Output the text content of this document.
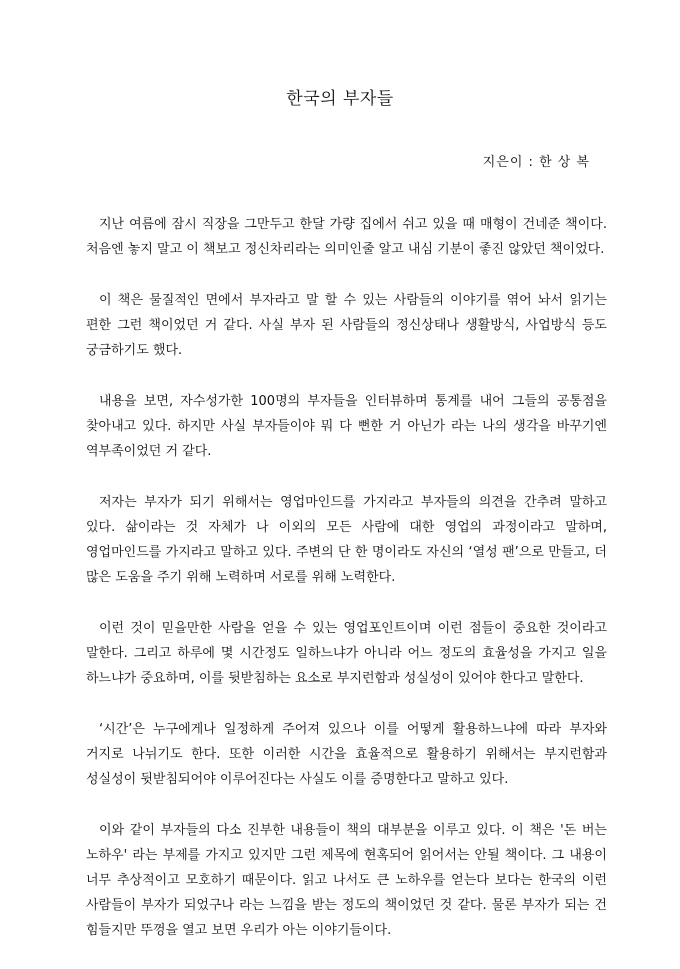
한국의 부자들
지은이 : 한 상 복

지난 여름에 잠시 직장을 그만두고 한달 가량 집에서 쉬고 있을 때 매형이 건네준 책이다. 처음엔 놓지 말고 이 책보고 정신차리라는 의미인줄 알고 내심 기분이 좋진 않았던 책이었다.

이 책은 물질적인 면에서 부자라고 말 할 수 있는 사람들의 이야기를 엮어 놔서 읽기는 편한 그런 책이었던 거 같다. 사실 부자 된 사람들의 정신상태나 생활방식, 사업방식 등도 궁금하기도 했다.

내용을 보면, 자수성가한 100명의 부자들을 인터뷰하며 통계를 내어 그들의 공통점을 찾아내고 있다. 하지만 사실 부자들이야 뭐 다 뻔한 거 아닌가 라는 나의 생각을 바꾸기엔 역부족이었던 거 같다.

저자는 부자가 되기 위해서는 영업마인드를 가지라고 부자들의 의견을 간추려 말하고 있다. 삶이라는 것 자체가 나 이외의 모든 사람에 대한 영업의 과정이라고 말하며, 영업마인드를 가지라고 말하고 있다. 주변의 단 한 명이라도 자신의 ‘열성 팬’으로 만들고, 더 많은 도움을 주기 위해 노력하며 서로를 위해 노력한다.

이런 것이 믿을만한 사람을 얻을 수 있는 영업포인트이며 이런 점들이 중요한 것이라고 말한다. 그리고 하루에 몇 시간정도 일하느냐가 아니라 어느 정도의 효율성을 가지고 일을 하느냐가 중요하며, 이를 뒷받침하는 요소로 부지런함과 성실성이 있어야 한다고 말한다.

‘시간’은 누구에게나 일정하게 주어져 있으나 이를 어떻게 활용하느냐에 따라 부자와 거지로 나뉘기도 한다. 또한 이러한 시간을 효율적으로 활용하기 위해서는 부지런함과 성실성이 뒷받침되어야 이루어진다는 사실도 이를 증명한다고 말하고 있다.

이와 같이 부자들의 다소 진부한 내용들이 책의 대부분을 이루고 있다. 이 책은 '돈 버는 노하우' 라는 부제를 가지고 있지만 그런 제목에 현혹되어 읽어서는 안될 책이다. 그 내용이 너무 추상적이고 모호하기 때문이다. 읽고 나서도 큰 노하우를 얻는다 보다는 한국의 이런 사람들이 부자가 되었구나 라는 느낌을 받는 정도의 책이었던 것 같다. 물론 부자가 되는 건 힘들지만 뚜껑을 열고 보면 우리가 아는 이야기들이다.
